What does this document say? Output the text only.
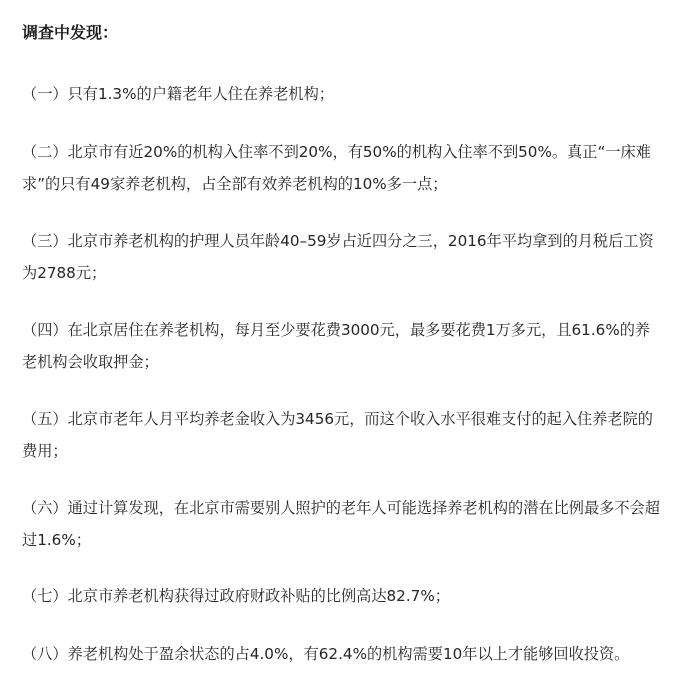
调查中发现：
（一）只有1.3%的户籍老年人住在养老机构；
（二）北京市有近20%的机构入住率不到20%，有50%的机构入住率不到50%。真正“一床难求”的只有49家养老机构，占全部有效养老机构的10%多一点；
（三）北京市养老机构的护理人员年龄40–59岁占近四分之三，2016年平均拿到的月税后工资为2788元；
（四）在北京居住在养老机构，每月至少要花费3000元，最多要花费1万多元，且61.6%的养老机构会收取押金；
（五）北京市老年人月平均养老金收入为3456元，而这个收入水平很难支付的起入住养老院的费用；
（六）通过计算发现，在北京市需要别人照护的老年人可能选择养老机构的潜在比例最多不会超过1.6%；
（七）北京市养老机构获得过政府财政补贴的比例高达82.7%；
（八）养老机构处于盈余状态的占4.0%，有62.4%的机构需要10年以上才能够回收投资。
